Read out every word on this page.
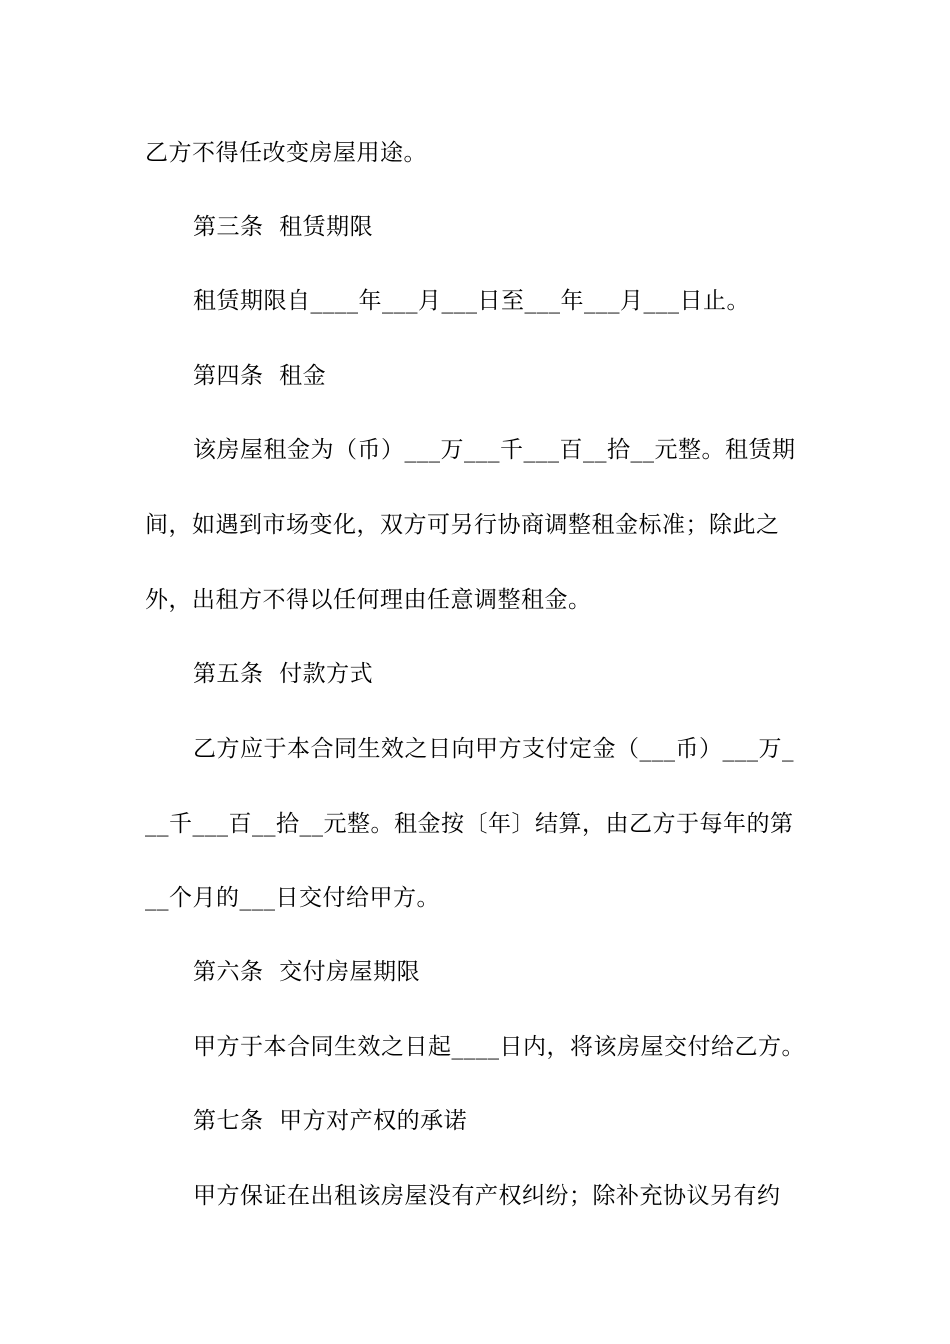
乙方不得任改变房屋用途。
第三条  租赁期限
租赁期限自____年___月___日至___年___月___日止。
第四条  租金
该房屋租金为（币）___万___千___百__拾__元整。租赁期
间，如遇到市场变化，双方可另行协商调整租金标准；除此之
外，出租方不得以任何理由任意调整租金。
第五条  付款方式
乙方应于本合同生效之日向甲方支付定金（___币）___万_
__千___百__拾__元整。租金按〔年〕结算，由乙方于每年的第
__个月的___日交付给甲方。
第六条  交付房屋期限
甲方于本合同生效之日起____日内，将该房屋交付给乙方。
第七条  甲方对产权的承诺
甲方保证在出租该房屋没有产权纠纷；除补充协议另有约
